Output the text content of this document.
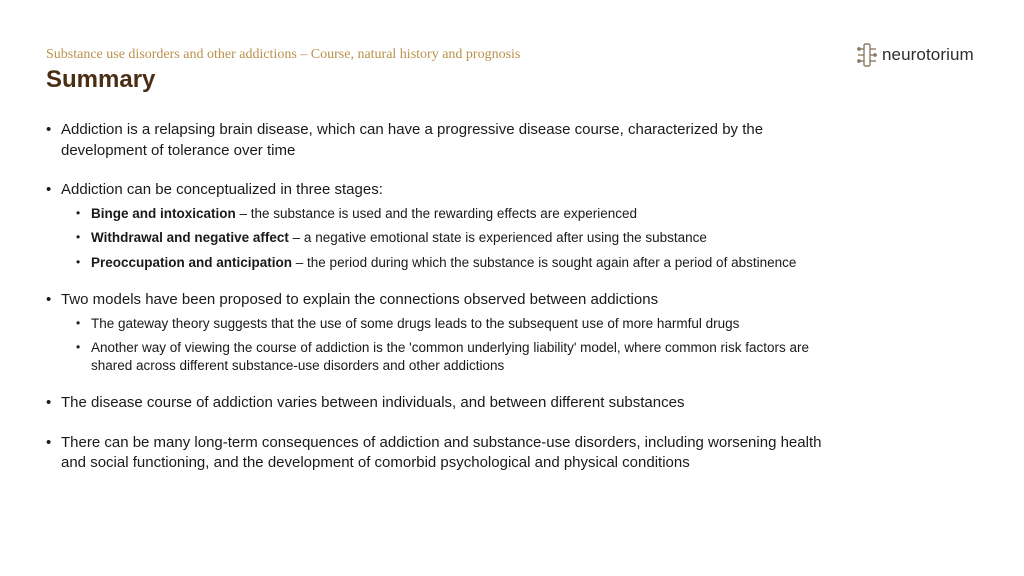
Substance use disorders and other addictions – Course, natural history and prognosis
Summary
neurotorium
• Addiction is a relapsing brain disease, which can have a progressive disease course, characterized by the development of tolerance over time
• Addiction can be conceptualized in three stages:
• Binge and intoxication – the substance is used and the rewarding effects are experienced
• Withdrawal and negative affect – a negative emotional state is experienced after using the substance
• Preoccupation and anticipation – the period during which the substance is sought again after a period of abstinence
• Two models have been proposed to explain the connections observed between addictions
• The gateway theory suggests that the use of some drugs leads to the subsequent use of more harmful drugs
• Another way of viewing the course of addiction is the 'common underlying liability' model, where common risk factors are shared across different substance-use disorders and other addictions
• The disease course of addiction varies between individuals, and between different substances
• There can be many long-term consequences of addiction and substance-use disorders, including worsening health and social functioning, and the development of comorbid psychological and physical conditions
